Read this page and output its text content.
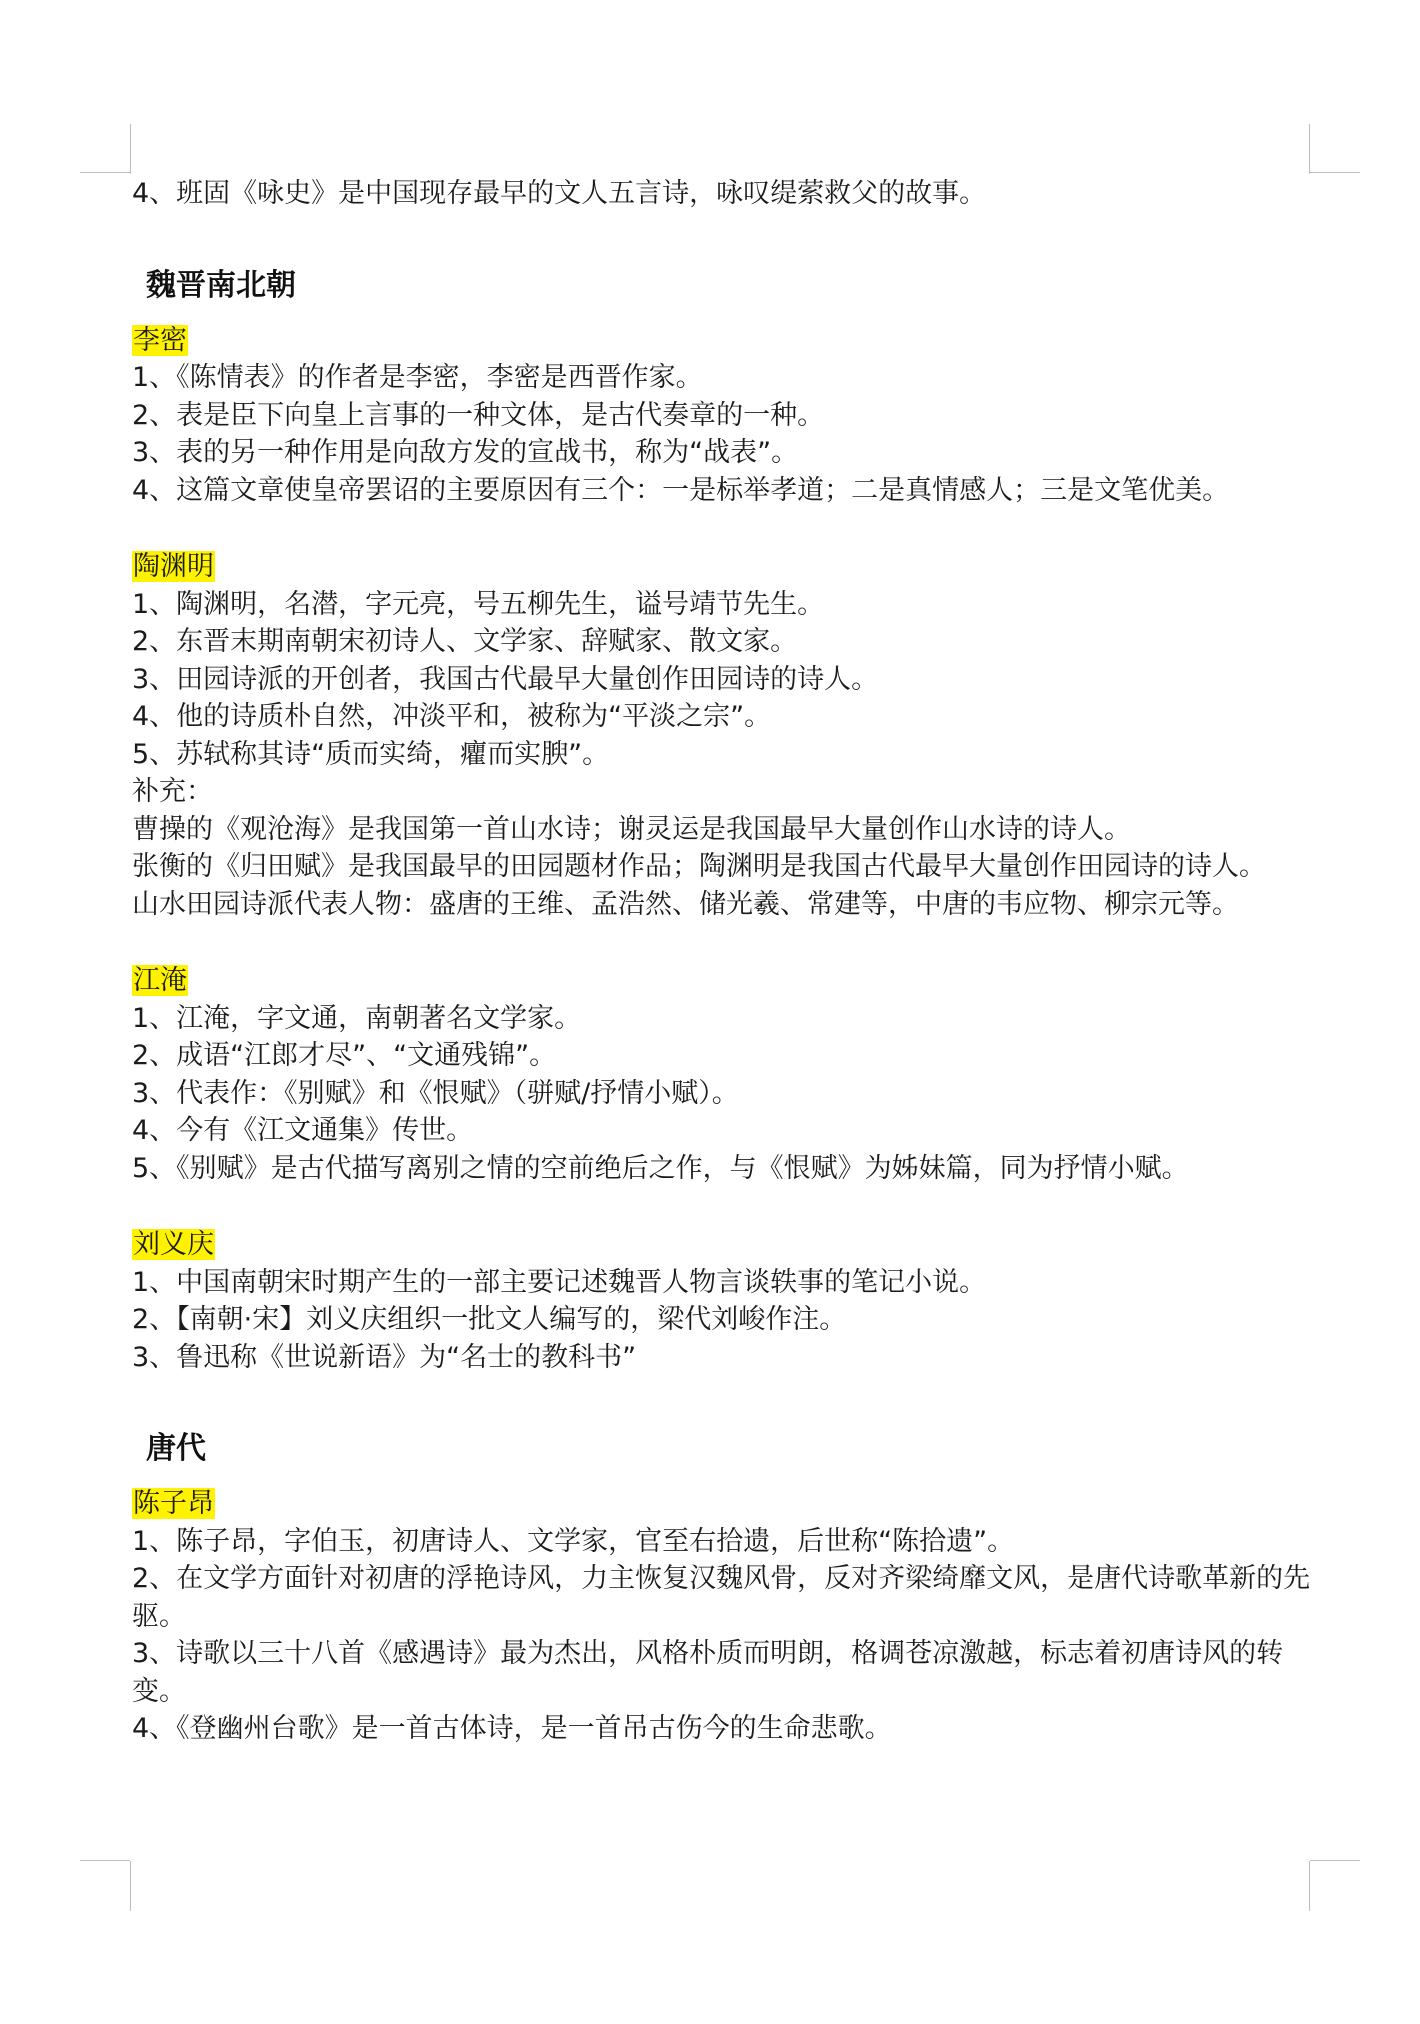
4、班固《咏史》是中国现存最早的文人五言诗，咏叹缇萦救父的故事。

魏晋南北朝

李密

1、《陈情表》的作者是李密，李密是西晋作家。

2、表是臣下向皇上言事的一种文体，是古代奏章的一种。

3、表的另一种作用是向敌方发的宣战书，称为“战表”。

4、这篇文章使皇帝罢诏的主要原因有三个：一是标举孝道；二是真情感人；三是文笔优美。

陶渊明

1、陶渊明，名潜，字元亮，号五柳先生，谥号靖节先生。

2、东晋末期南朝宋初诗人、文学家、辞赋家、散文家。

3、田园诗派的开创者，我国古代最早大量创作田园诗的诗人。

4、他的诗质朴自然，冲淡平和，被称为“平淡之宗”。

5、苏轼称其诗“质而实绮，癯而实腴”。

补充：

曹操的《观沧海》是我国第一首山水诗；谢灵运是我国最早大量创作山水诗的诗人。

张衡的《归田赋》是我国最早的田园题材作品；陶渊明是我国古代最早大量创作田园诗的诗人。

山水田园诗派代表人物：盛唐的王维、孟浩然、储光羲、常建等，中唐的韦应物、柳宗元等。

江淹

1、江淹，字文通，南朝著名文学家。

2、成语“江郎才尽”、“文通残锦”。

3、代表作：《别赋》和《恨赋》（骈赋/抒情小赋）。

4、今有《江文通集》传世。

5、《别赋》是古代描写离别之情的空前绝后之作，与《恨赋》为姊妹篇，同为抒情小赋。

刘义庆

1、中国南朝宋时期产生的一部主要记述魏晋人物言谈轶事的笔记小说。

2、【南朝·宋】刘义庆组织一批文人编写的，梁代刘峻作注。

3、鲁迅称《世说新语》为“名士的教科书”

唐代

陈子昂

1、陈子昂，字伯玉，初唐诗人、文学家，官至右拾遗，后世称“陈拾遗”。

2、在文学方面针对初唐的浮艳诗风，力主恢复汉魏风骨，反对齐梁绮靡文风，是唐代诗歌革新的先驱。

3、诗歌以三十八首《感遇诗》最为杰出，风格朴质而明朗，格调苍凉激越，标志着初唐诗风的转变。

4、《登幽州台歌》是一首古体诗，是一首吊古伤今的生命悲歌。
